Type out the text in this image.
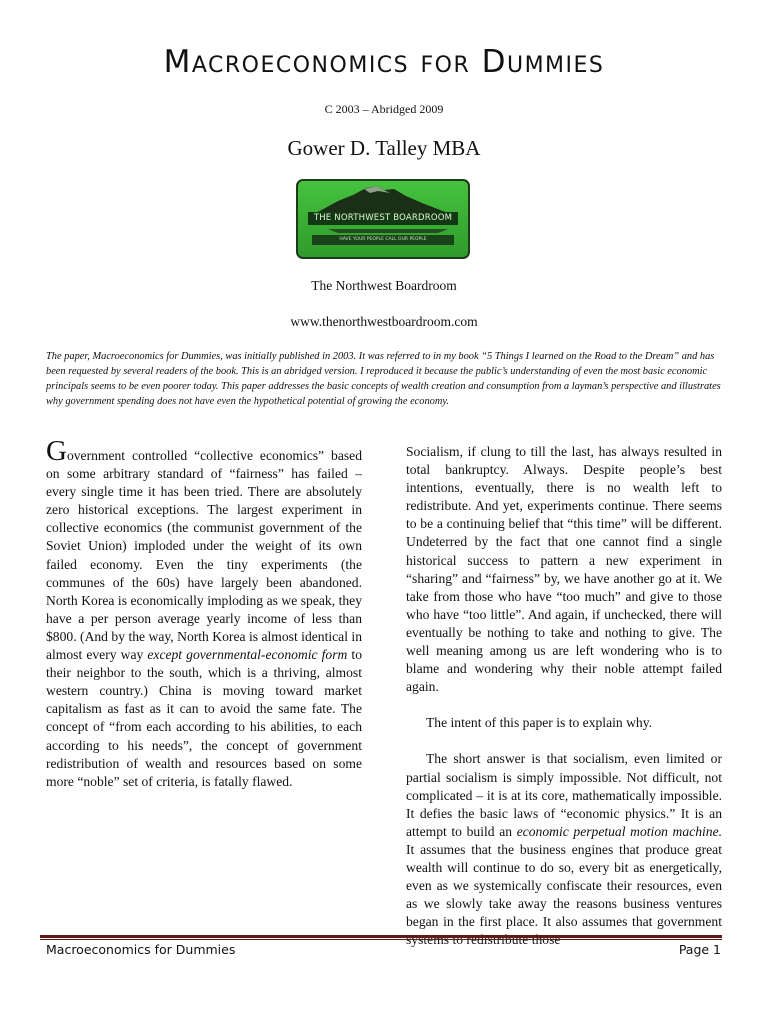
Macroeconomics for Dummies
C 2003 – Abridged 2009
Gower D. Talley MBA
THE NORTHWEST BOARDROOM
HAVE YOUR PEOPLE CALL OUR PEOPLE
The Northwest Boardroom
www.thenorthwestboardroom.com

The paper, Macroeconomics for Dummies, was initially published in 2003. It was referred to in my book “5 Things I learned on the Road to the Dream” and has been requested by several readers of the book. This is an abridged version. I reproduced it because the public’s understanding of even the most basic economic principals seems to be even poorer today. This paper addresses the basic concepts of wealth creation and consumption from a layman’s perspective and illustrates why government spending does not have even the hypothetical potential of growing the economy.

Government controlled “collective economics” based on some arbitrary standard of “fairness” has failed – every single time it has been tried. There are absolutely zero historical exceptions. The largest experiment in collective economics (the communist government of the Soviet Union) imploded under the weight of its own failed economy. Even the tiny experiments (the communes of the 60s) have largely been abandoned. North Korea is economically imploding as we speak, they have a per person average yearly income of less than $800. (And by the way, North Korea is almost identical in almost every way except governmental-economic form to their neighbor to the south, which is a thriving, almost western country.) China is moving toward market capitalism as fast as it can to avoid the same fate. The concept of “from each according to his abilities, to each according to his needs”, the concept of government redistribution of wealth and resources based on some more “noble” set of criteria, is fatally flawed.

Socialism, if clung to till the last, has always resulted in total bankruptcy. Always. Despite people’s best intentions, eventually, there is no wealth left to redistribute. And yet, experiments continue. There seems to be a continuing belief that “this time” will be different. Undeterred by the fact that one cannot find a single historical success to pattern a new experiment in “sharing” and “fairness” by, we have another go at it. We take from those who have “too much” and give to those who have “too little”. And again, if unchecked, there will eventually be nothing to take and nothing to give. The well meaning among us are left wondering who is to blame and wondering why their noble attempt failed again.

The intent of this paper is to explain why.

The short answer is that socialism, even limited or partial socialism is simply impossible. Not difficult, not complicated – it is at its core, mathematically impossible. It defies the basic laws of “economic physics.” It is an attempt to build an economic perpetual motion machine. It assumes that the business engines that produce great wealth will continue to do so, every bit as energetically, even as we systemically confiscate their resources, even as we slowly take away the reasons business ventures began in the first place. It also assumes that government

Macroeconomics for Dummies	Page 1
